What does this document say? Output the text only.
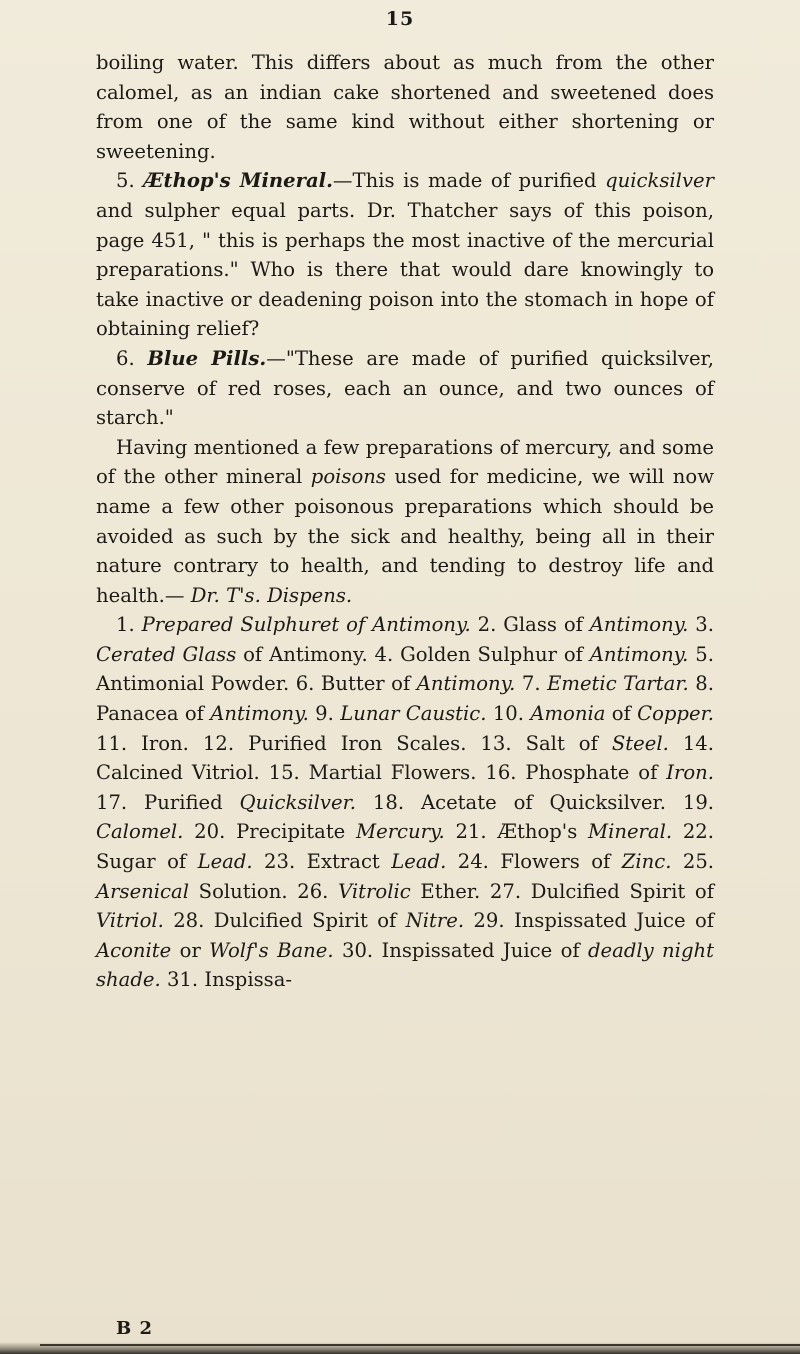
15

boiling water. This differs about as much from the other calomel, as an indian cake shortened and sweetened does from one of the same kind without either shortening or sweetening.

5. Æthop's Mineral.—This is made of purified quicksilver and sulpher equal parts. Dr. Thatcher says of this poison, page 451, " this is perhaps the most inactive of the mercurial preparations." Who is there that would dare knowingly to take inactive or deadening poison into the stomach in hope of obtaining relief?

6. Blue Pills.—"These are made of purified quicksilver, conserve of red roses, each an ounce, and two ounces of starch."

Having mentioned a few preparations of mercury, and some of the other mineral poisons used for medicine, we will now name a few other poisonous preparations which should be avoided as such by the sick and healthy, being all in their nature contrary to health, and tending to destroy life and health.— Dr. T's. Dispens.

1. Prepared Sulphuret of Antimony. 2. Glass of Antimony. 3. Cerated Glass of Antimony. 4. Golden Sulphur of Antimony. 5. Antimonial Powder. 6. Butter of Antimony. 7. Emetic Tartar. 8. Panacea of Antimony. 9. Lunar Caustic. 10. Amonia of Copper. 11. Iron. 12. Purified Iron Scales. 13. Salt of Steel. 14. Calcined Vitriol. 15. Martial Flowers. 16. Phosphate of Iron. 17. Purified Quicksilver. 18. Acetate of Quicksilver. 19. Calomel. 20. Precipitate Mercury. 21. Æthop's Mineral. 22. Sugar of Lead. 23. Extract Lead. 24. Flowers of Zinc. 25. Arsenical Solution. 26. Vitrolic Ether. 27. Dulcified Spirit of Vitriol. 28. Dulcified Spirit of Nitre. 29. Inspissated Juice of Aconite or Wolf's Bane. 30. Inspissated Juice of deadly night shade. 31. Inspissa-

B 2
